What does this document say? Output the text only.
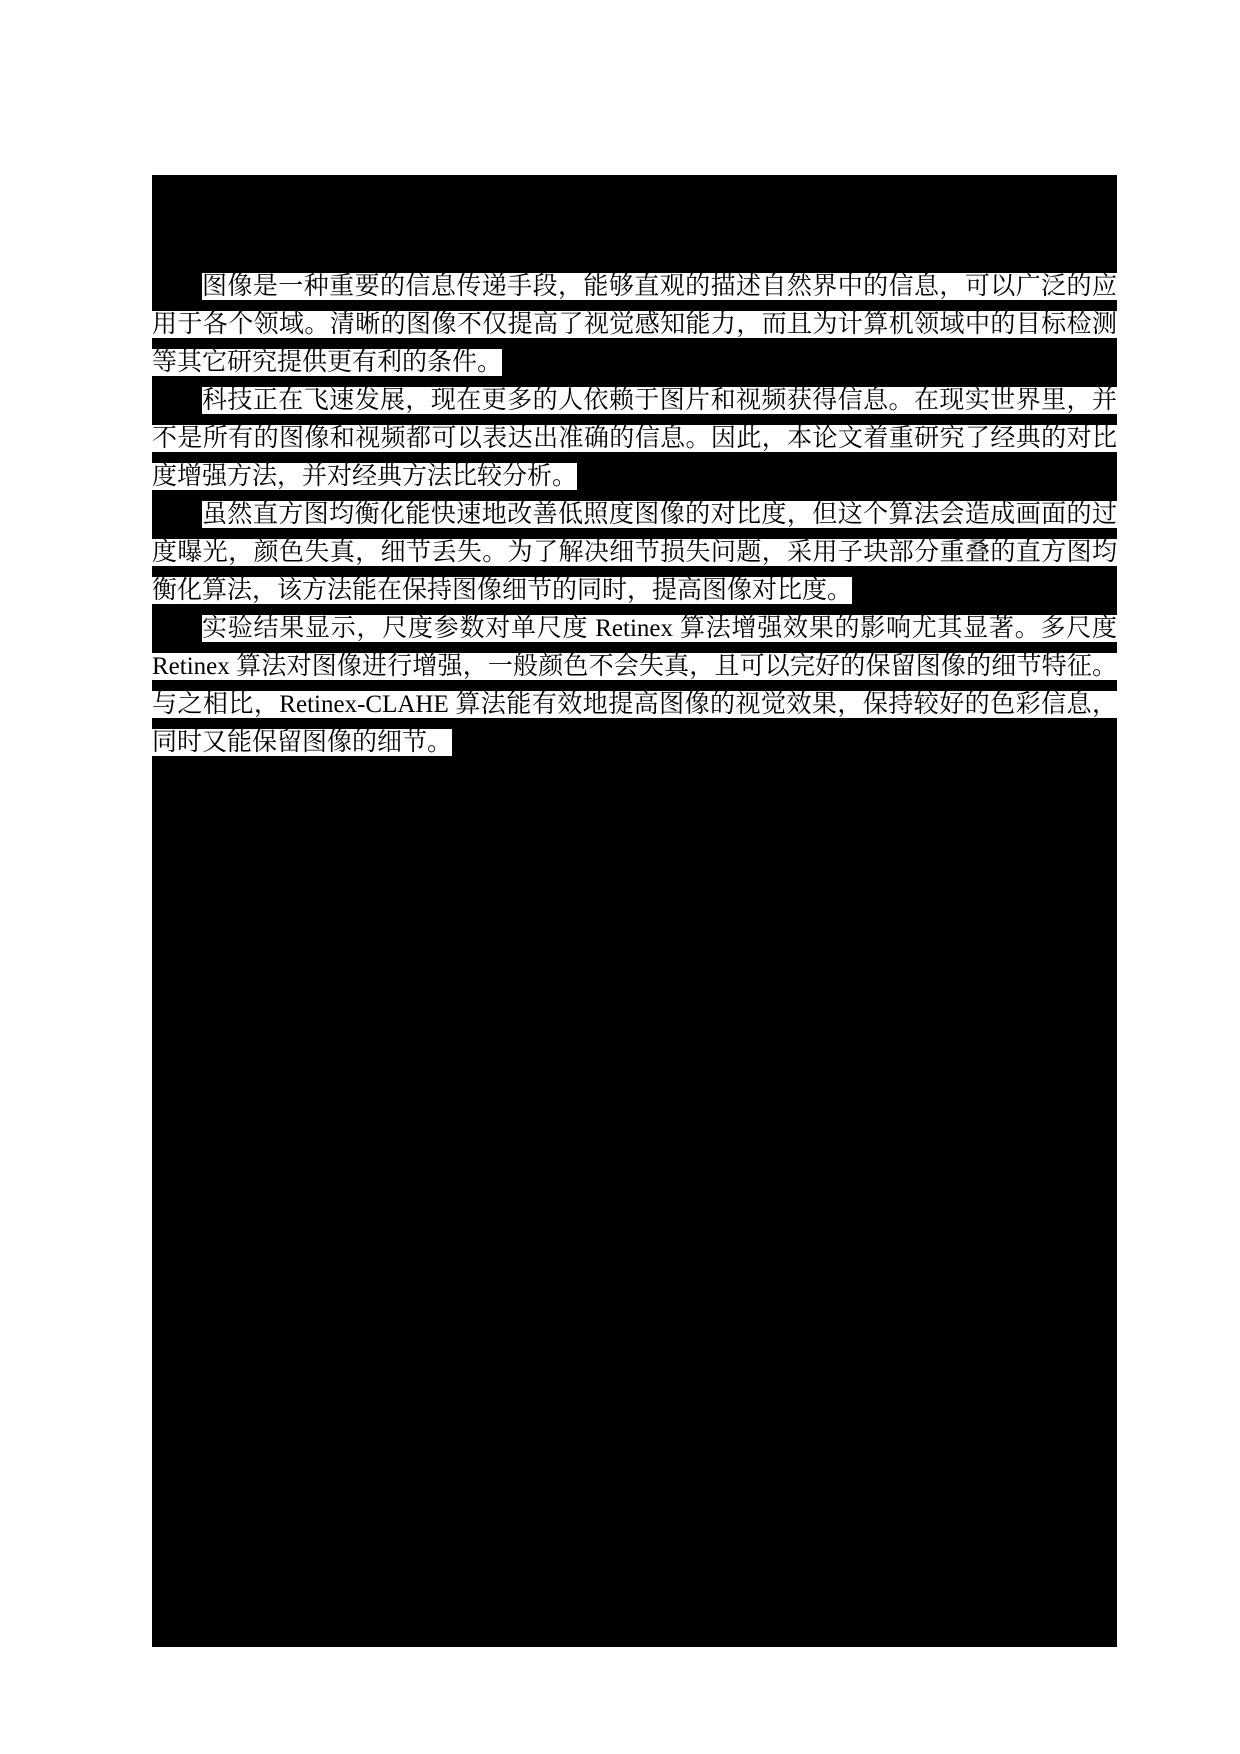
图像是一种重要的信息传递手段，能够直观的描述自然界中的信息，可以广泛的应
用于各个领域。清晰的图像不仅提高了视觉感知能力，而且为计算机领域中的目标检测
等其它研究提供更有利的条件。
科技正在飞速发展，现在更多的人依赖于图片和视频获得信息。在现实世界里，并
不是所有的图像和视频都可以表达出准确的信息。因此，本论文着重研究了经典的对比
度增强方法，并对经典方法比较分析。
虽然直方图均衡化能快速地改善低照度图像的对比度，但这个算法会造成画面的过
度曝光，颜色失真，细节丢失。为了解决细节损失问题，采用子块部分重叠的直方图均
衡化算法，该方法能在保持图像细节的同时，提高图像对比度。
实验结果显示，尺度参数对单尺度 Retinex 算法增强效果的影响尤其显著。多尺度
Retinex 算法对图像进行增强，一般颜色不会失真，且可以完好的保留图像的细节特征。
与之相比，Retinex-CLAHE 算法能有效地提高图像的视觉效果，保持较好的色彩信息，
同时又能保留图像的细节。
